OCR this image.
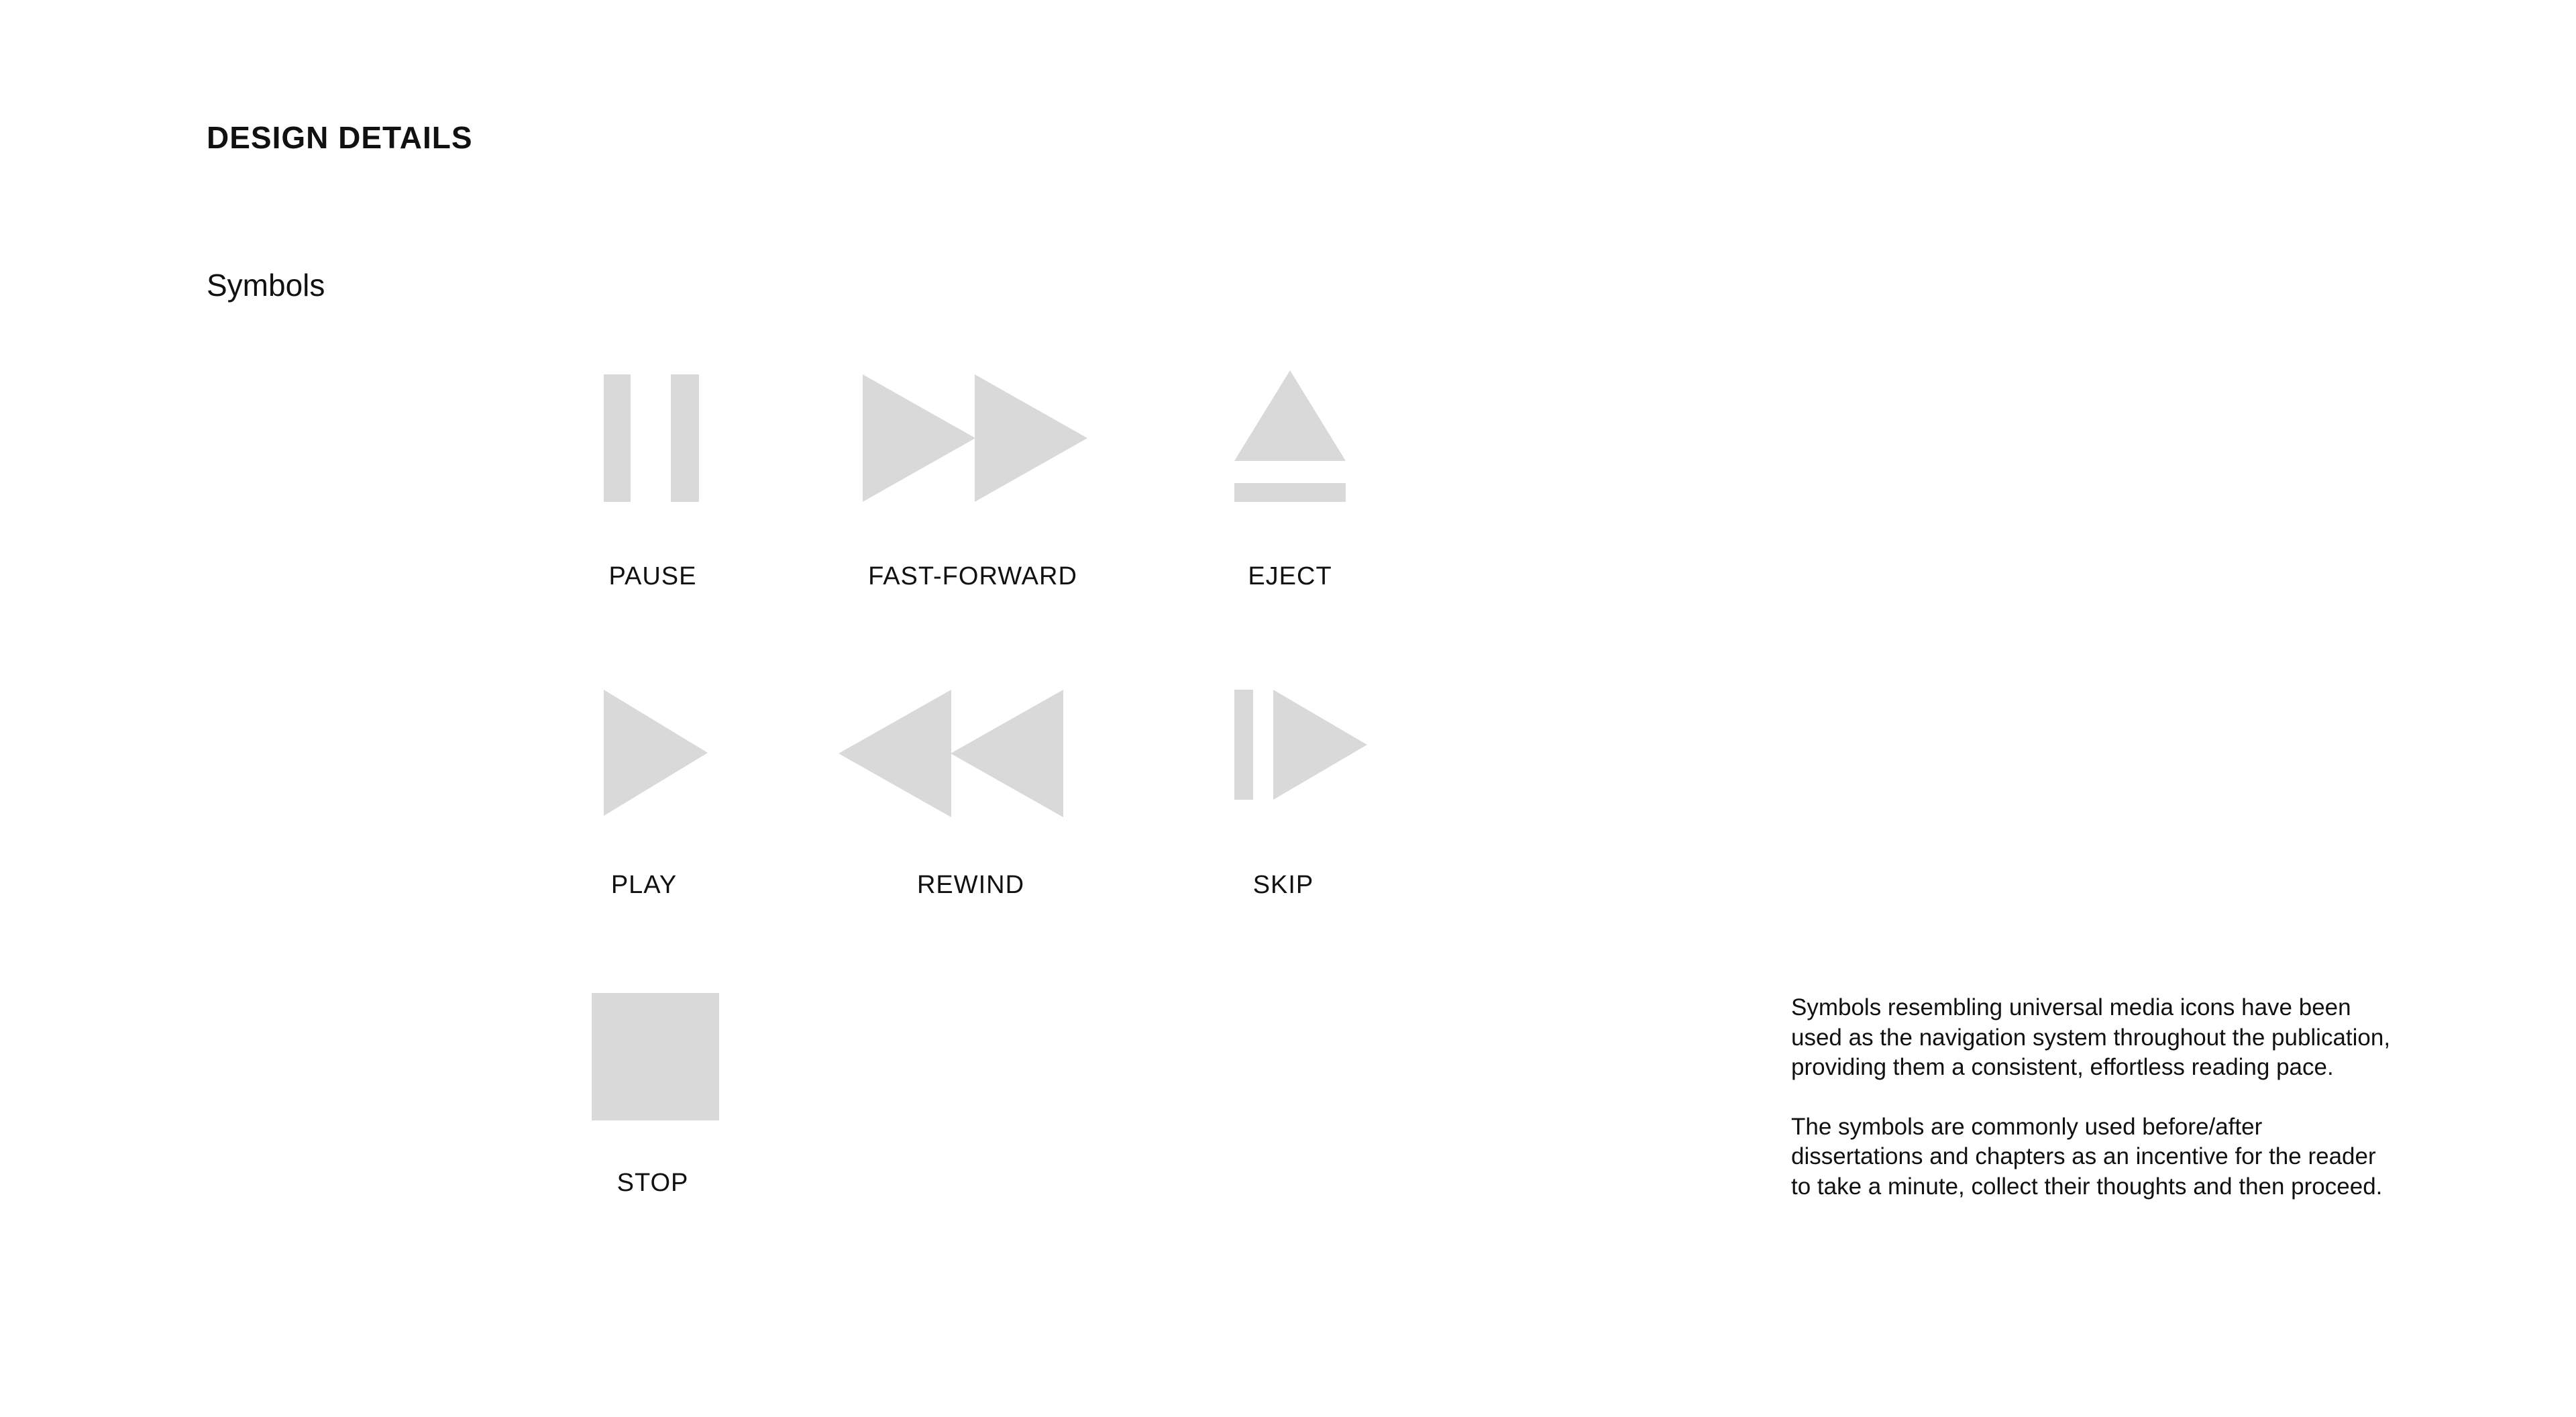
DESIGN DETAILS
Symbols
PAUSE	FAST-FORWARD	EJECT
PLAY	REWIND	SKIP
STOP

Symbols resembling universal media icons have been used as the navigation system throughout the publication, providing them a consistent, effortless reading pace.

The symbols are commonly used before/after dissertations and chapters as an incentive for the reader to take a minute, collect their thoughts and then proceed.
